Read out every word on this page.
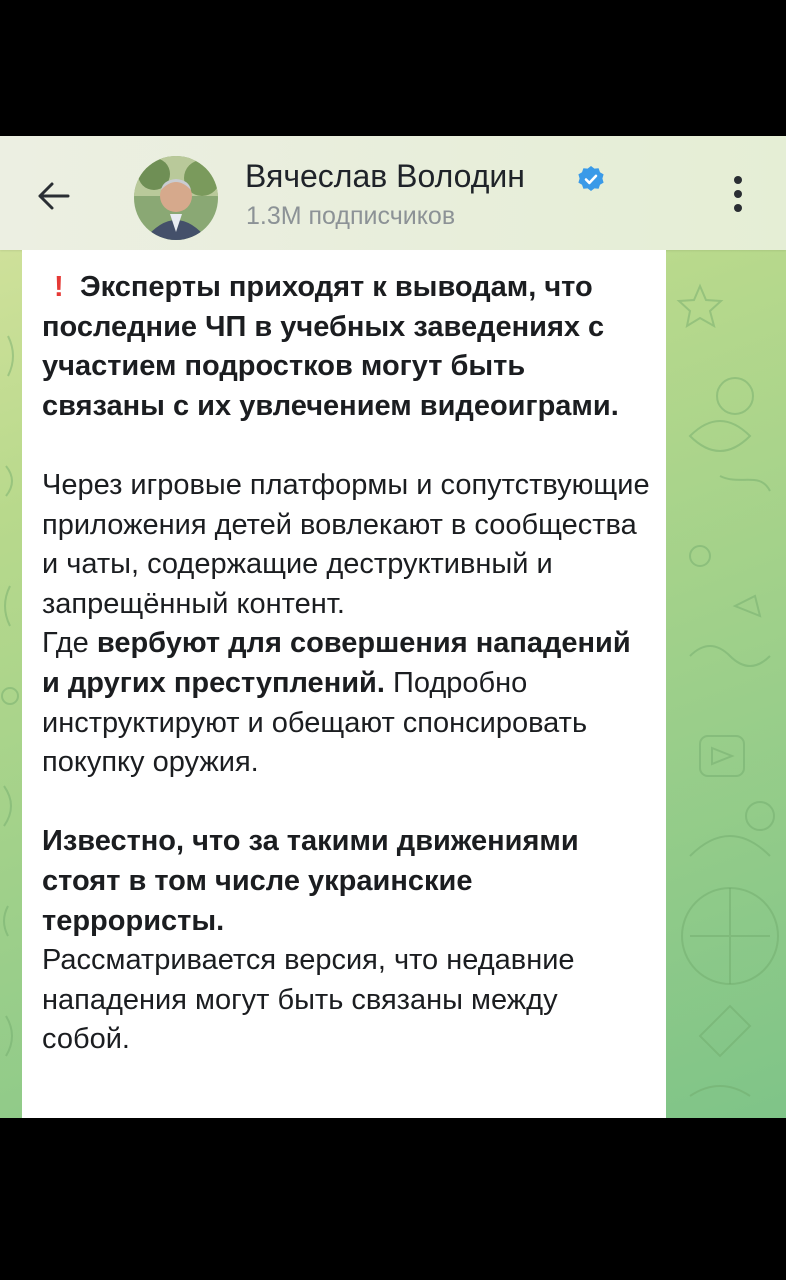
Вячеслав Володин
1.3M подписчиков

! Эксперты приходят к выводам, что последние ЧП в учебных заведениях с участием подростков могут быть связаны с их увлечением видеоиграми.

Через игровые платформы и сопутствующие приложения детей вовлекают в сообщества и чаты, содержащие деструктивный и запрещённый контент.

Где вербуют для совершения нападений и других преступлений. Подробно инструктируют и обещают спонсировать покупку оружия.

Известно, что за такими движениями стоят в том числе украинские террористы.
Рассматривается версия, что недавние нападения могут быть связаны между собой.
